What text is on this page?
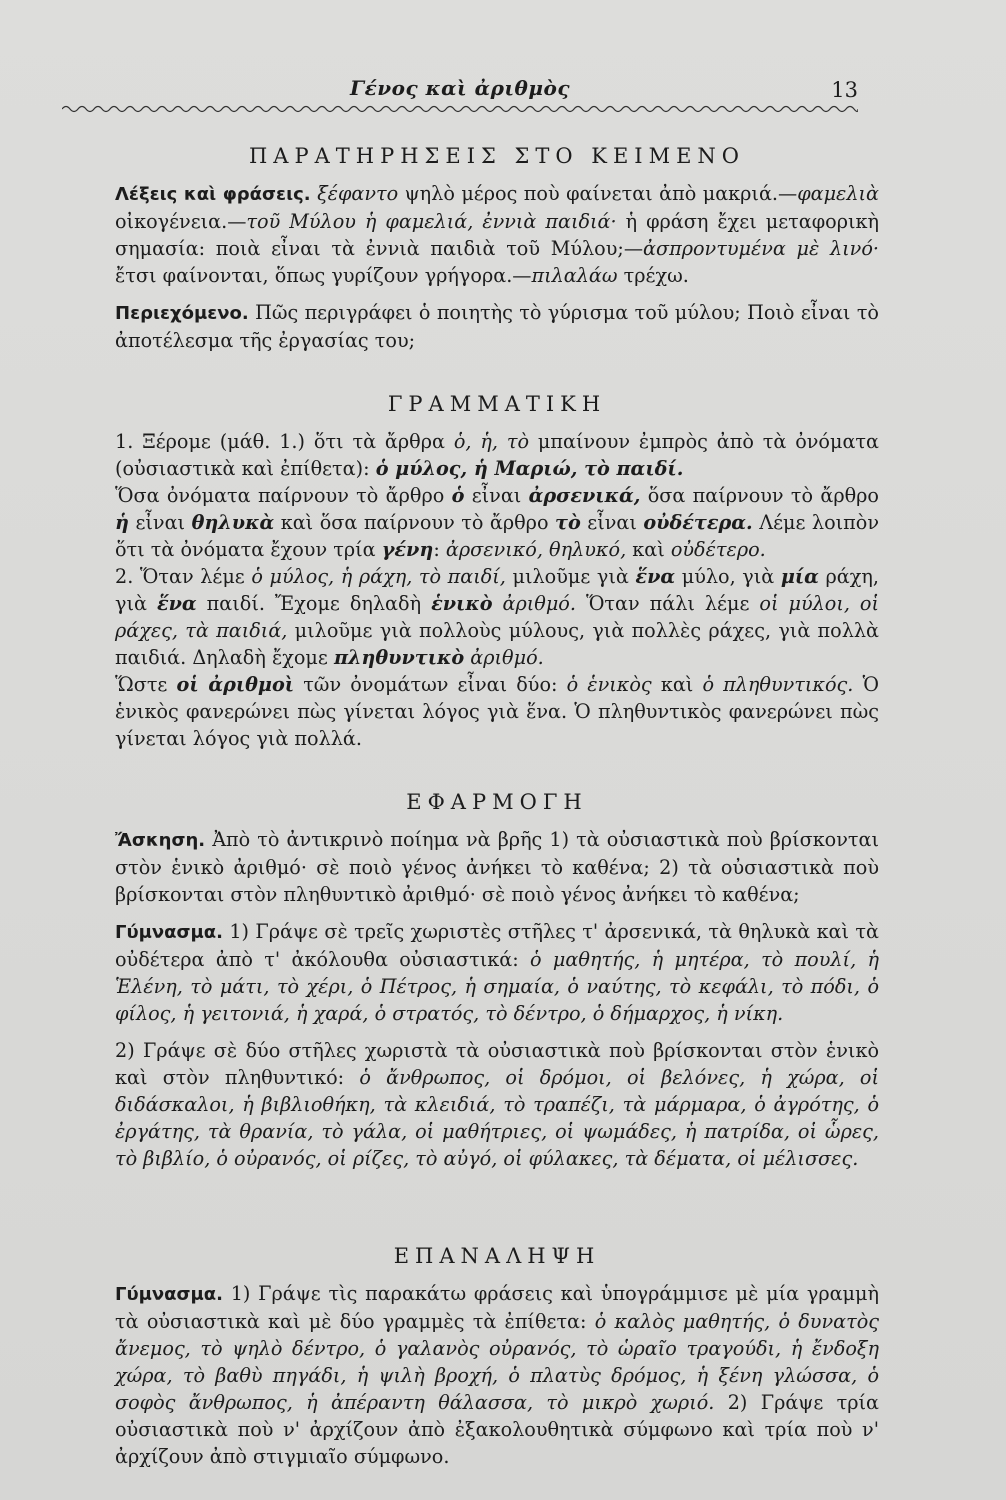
Γένος καὶ ἀριθμὸς	13
ΠΑΡΑΤΗΡΗΣΕΙΣ ΣΤΟ ΚΕΙΜΕΝΟ

Λέξεις καὶ φράσεις. ξέφαντο ψηλὸ μέρος ποὺ φαίνεται ἀπὸ μακριά.—φαμελιὰ οἰκογένεια.—τοῦ Μύλου ἡ φαμελιά, ἐννιὰ παιδιά· ἡ φράση ἔχει μεταφορικὴ σημασία: ποιὰ εἶναι τὰ ἐννιὰ παιδιὰ τοῦ Μύλου;—ἀσπροντυμένα μὲ λινό· ἔτσι φαίνονται, ὅπως γυρίζουν γρήγορα.—πιλαλάω τρέχω.

Περιεχόμενο. Πῶς περιγράφει ὁ ποιητὴς τὸ γύρισμα τοῦ μύλου; Ποιὸ εἶναι τὸ ἀποτέλεσμα τῆς ἐργασίας του;

ΓΡΑΜΜΑΤΙΚΗ

1. Ξέρομε (μάθ. 1.) ὅτι τὰ ἄρθρα ὁ, ἡ, τὸ μπαίνουν ἐμπρὸς ἀπὸ τὰ ὀνόματα (οὐσιαστικὰ καὶ ἐπίθετα): ὁ μύλος, ἡ Μαριώ, τὸ παιδί.

Ὅσα ὀνόματα παίρνουν τὸ ἄρθρο ὁ εἶναι ἀρσενικά, ὅσα παίρνουν τὸ ἄρθρο ἡ εἶναι θηλυκὰ καὶ ὅσα παίρνουν τὸ ἄρθρο τὸ εἶναι οὐδέτερα. Λέμε λοιπὸν ὅτι τὰ ὀνόματα ἔχουν τρία γένη: ἀρσενικό, θηλυκό, καὶ οὐδέτερο.

2. Ὅταν λέμε ὁ μύλος, ἡ ράχη, τὸ παιδί, μιλοῦμε γιὰ ἕνα μύλο, γιὰ μία ράχη, γιὰ ἕνα παιδί. Ἔχομε δηλαδὴ ἑνικὸ ἀριθμό. Ὅταν πάλι λέμε οἱ μύλοι, οἱ ράχες, τὰ παιδιά, μιλοῦμε γιὰ πολλοὺς μύλους, γιὰ πολλὲς ράχες, γιὰ πολλὰ παιδιά. Δηλαδὴ ἔχομε πληθυντικὸ ἀριθμό.

Ὥστε οἱ ἀριθμοὶ τῶν ὀνομάτων εἶναι δύο: ὁ ἑνικὸς καὶ ὁ πληθυντικός. Ὁ ἑνικὸς φανερώνει πὼς γίνεται λόγος γιὰ ἕνα. Ὁ πληθυντικὸς φανερώνει πὼς γίνεται λόγος γιὰ πολλά.

ΕΦΑΡΜΟΓΗ

Ἄσκηση. Ἀπὸ τὸ ἀντικρινὸ ποίημα νὰ βρῆς 1) τὰ οὐσιαστικὰ ποὺ βρίσκονται στὸν ἑνικὸ ἀριθμό· σὲ ποιὸ γένος ἀνήκει τὸ καθένα; 2) τὰ οὐσιαστικὰ ποὺ βρίσκονται στὸν πληθυντικὸ ἀριθμό· σὲ ποιὸ γένος ἀνήκει τὸ καθένα;

Γύμνασμα. 1) Γράψε σὲ τρεῖς χωριστὲς στῆλες τ' ἀρσενικά, τὰ θηλυκὰ καὶ τὰ οὐδέτερα ἀπὸ τ' ἀκόλουθα οὐσιαστικά: ὁ μαθητής, ἡ μητέρα, τὸ πουλί, ἡ Ἑλένη, τὸ μάτι, τὸ χέρι, ὁ Πέτρος, ἡ σημαία, ὁ ναύτης, τὸ κεφάλι, τὸ πόδι, ὁ φίλος, ἡ γειτονιά, ἡ χαρά, ὁ στρατός, τὸ δέντρο, ὁ δήμαρχος, ἡ νίκη.

2) Γράψε σὲ δύο στῆλες χωριστὰ τὰ οὐσιαστικὰ ποὺ βρίσκονται στὸν ἑνικὸ καὶ στὸν πληθυντικό: ὁ ἄνθρωπος, οἱ δρόμοι, οἱ βελόνες, ἡ χώρα, οἱ διδάσκαλοι, ἡ βιβλιοθήκη, τὰ κλειδιά, τὸ τραπέζι, τὰ μάρμαρα, ὁ ἀγρότης, ὁ ἐργάτης, τὰ θρανία, τὸ γάλα, οἱ μαθήτριες, οἱ ψωμάδες, ἡ πατρίδα, οἱ ὧρες, τὸ βιβλίο, ὁ οὐρανός, οἱ ρίζες, τὸ αὐγό, οἱ φύλακες, τὰ δέματα, οἱ μέλισσες.

ΕΠΑΝΑΛΗΨΗ

Γύμνασμα. 1) Γράψε τὶς παρακάτω φράσεις καὶ ὑπογράμμισε μὲ μία γραμμὴ τὰ οὐσιαστικὰ καὶ μὲ δύο γραμμὲς τὰ ἐπίθετα: ὁ καλὸς μαθητής, ὁ δυνατὸς ἄνεμος, τὸ ψηλὸ δέντρο, ὁ γαλανὸς οὐρανός, τὸ ὡραῖο τραγούδι, ἡ ἔνδοξη χώρα, τὸ βαθὺ πηγάδι, ἡ ψιλὴ βροχή, ὁ πλατὺς δρόμος, ἡ ξένη γλώσσα, ὁ σοφὸς ἄνθρωπος, ἡ ἀπέραντη θάλασσα, τὸ μικρὸ χωριό. 2) Γράψε τρία οὐσιαστικὰ ποὺ ν' ἀρχίζουν ἀπὸ ἐξακολουθητικὰ σύμφωνο καὶ τρία ποὺ ν' ἀρχίζουν ἀπὸ στιγμιαῖο σύμφωνο.
